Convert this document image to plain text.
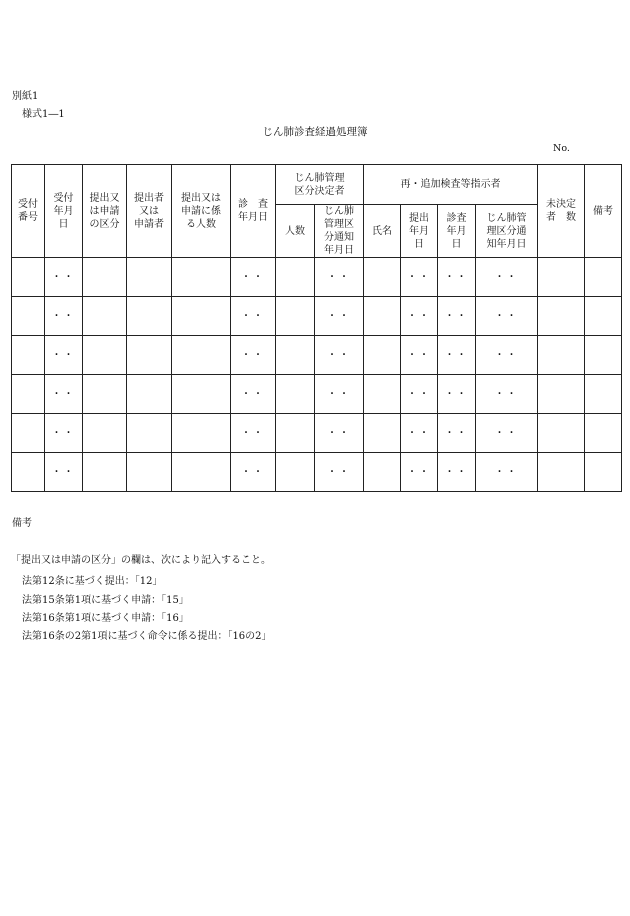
別紙1
様式1―1
じん肺診査経過処理簿
No.
受付
番号	受付
年月
日	提出又
は申請
の区分	提出者
又は
申請者	提出又は
申請に係
る人数	診　査
年月日	じん肺管理
区分決定者		再・追加検査等指示者				未決定
者　数	備考
						人数	じん肺
管理区
分通知
年月日	氏名	提出
年月
日	診査
年月
日	じん肺管
理区分通
知年月日		
	・・				・・		・・		・・	・・	・・		
	・・				・・		・・		・・	・・	・・		
	・・				・・		・・		・・	・・	・・		
	・・				・・		・・		・・	・・	・・		
	・・				・・		・・		・・	・・	・・		
	・・				・・		・・		・・	・・	・・		
備考
「提出又は申請の区分」の欄は、次により記入すること。
法第12条に基づく提出：「12」
法第15条第1項に基づく申請：「15」
法第16条第1項に基づく申請：「16」
法第16条の2第1項に基づく命令に係る提出：「16の2」
